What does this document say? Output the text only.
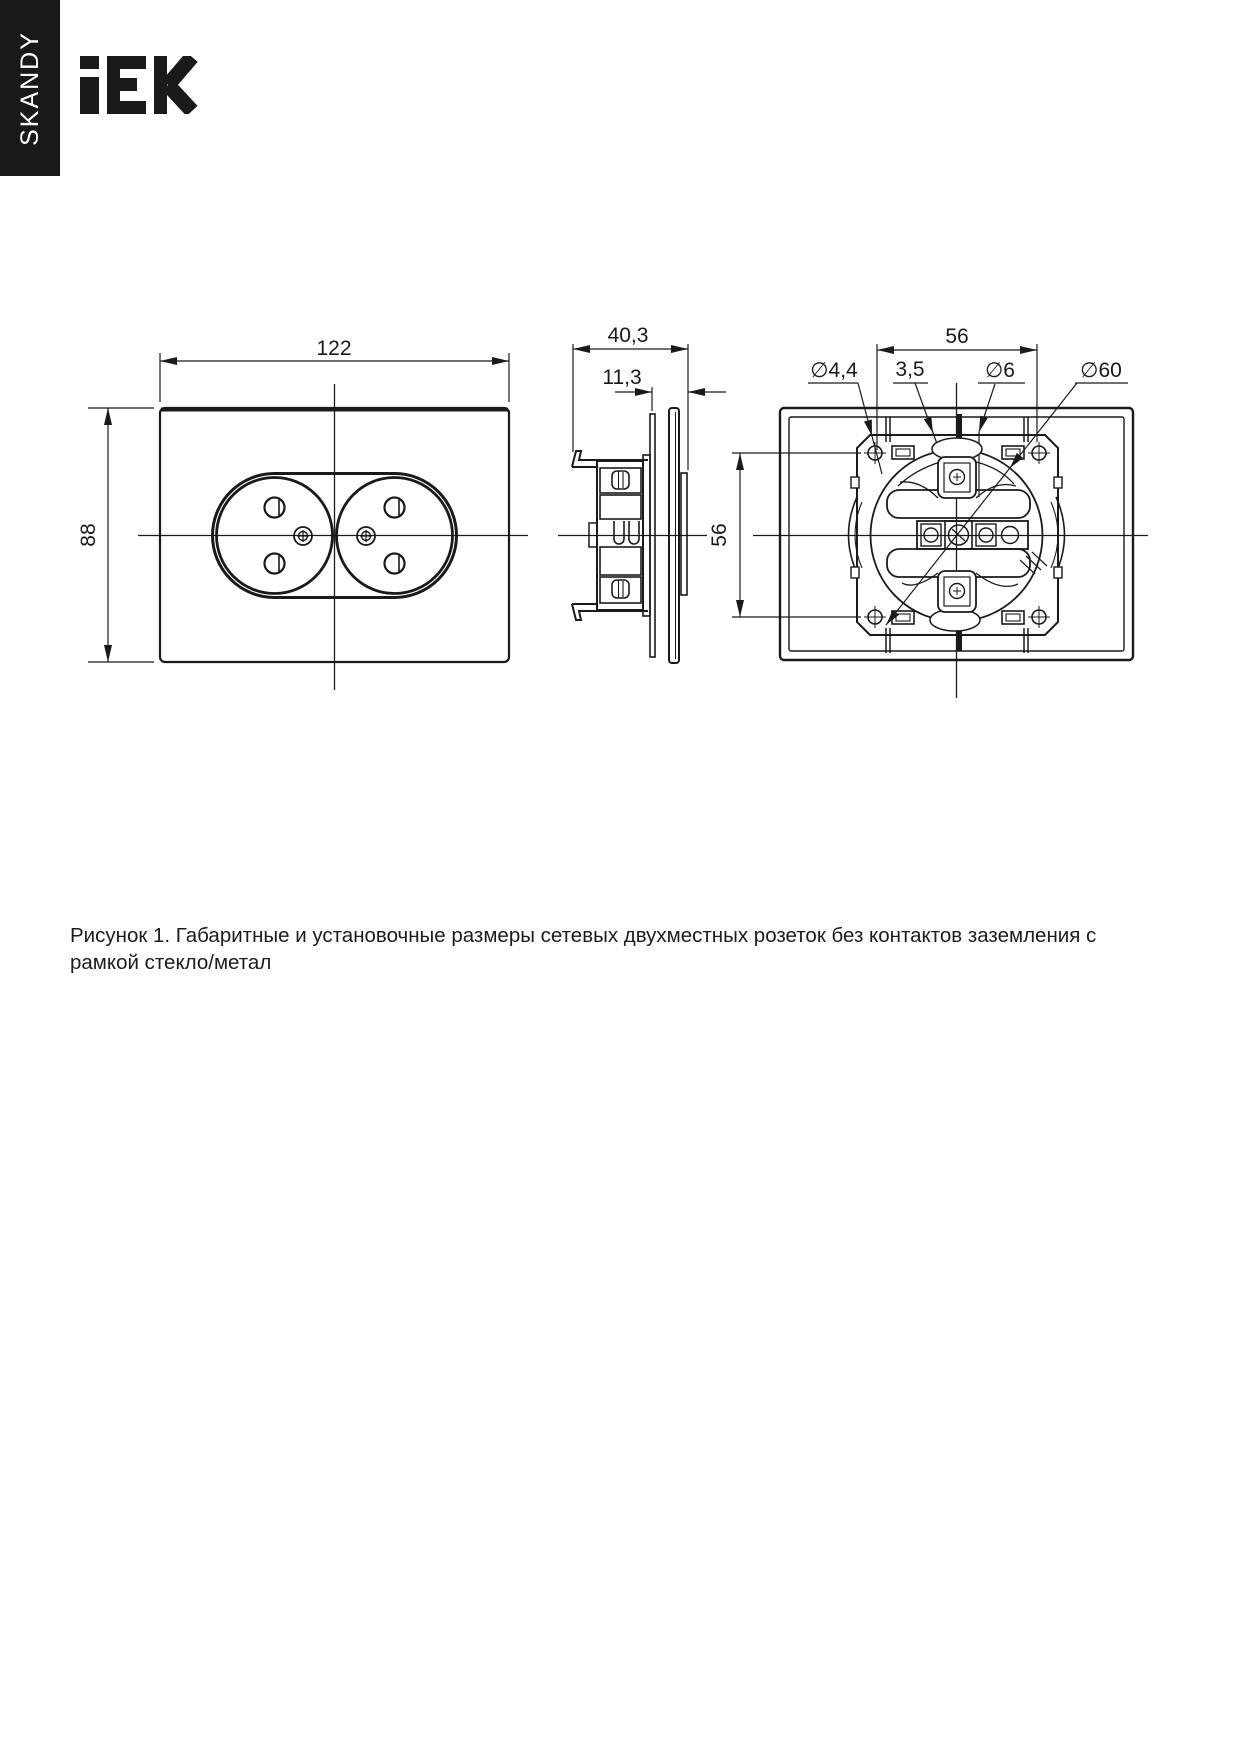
SKANDY
122
88
40,3
11,3
56
∅4,4 3,5	∅6	∅60
56
Рисунок 1. Габаритные и установочные размеры сетевых двухместных розеток без контактов заземления с
рамкой стекло/метал
